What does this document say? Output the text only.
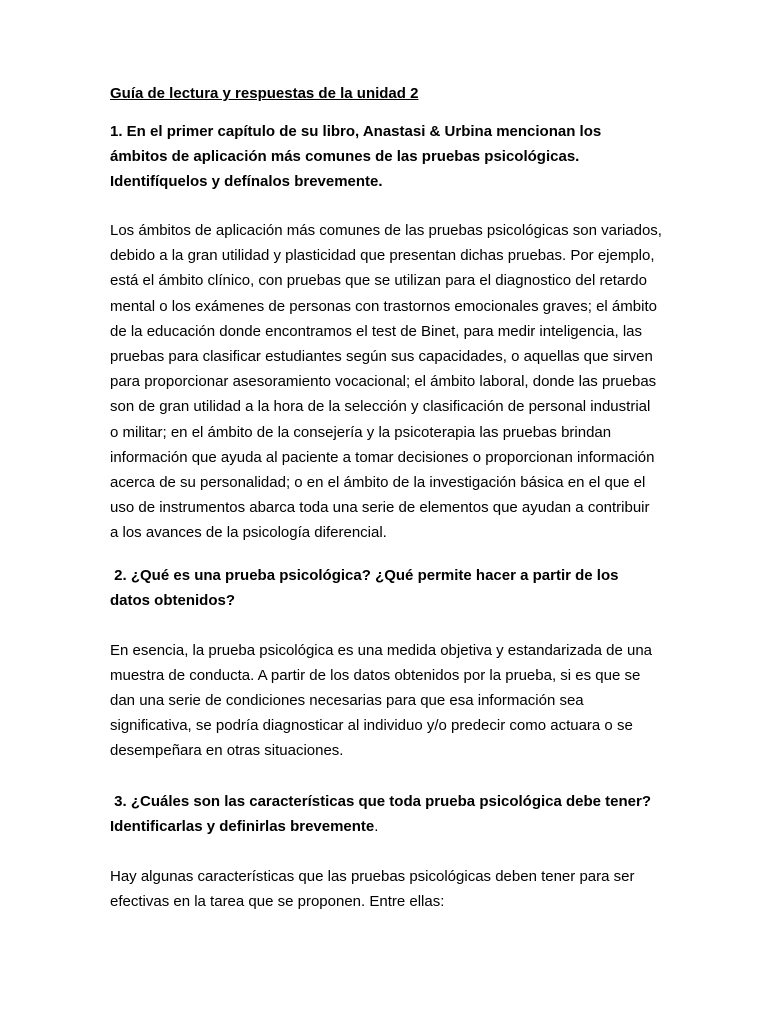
Guía de lectura y respuestas de la unidad 2

1. En el primer capítulo de su libro, Anastasi & Urbina mencionan los ámbitos de aplicación más comunes de las pruebas psicológicas. Identifíquelos y defínalos brevemente.

Los ámbitos de aplicación más comunes de las pruebas psicológicas son variados, debido a la gran utilidad y plasticidad que presentan dichas pruebas. Por ejemplo, está el ámbito clínico, con pruebas que se utilizan para el diagnostico del retardo mental o los exámenes de personas con trastornos emocionales graves; el ámbito de la educación donde encontramos el test de Binet, para medir inteligencia, las pruebas para clasificar estudiantes según sus capacidades, o aquellas que sirven para proporcionar asesoramiento vocacional; el ámbito laboral, donde las pruebas son de gran utilidad a la hora de la selección y clasificación de personal industrial o militar; en el ámbito de la consejería y la psicoterapia las pruebas brindan información que ayuda al paciente a tomar decisiones o proporcionan información acerca de su personalidad; o en el ámbito de la investigación básica en el que el uso de instrumentos abarca toda una serie de elementos que ayudan a contribuir a los avances de la psicología diferencial.

2. ¿Qué es una prueba psicológica? ¿Qué permite hacer a partir de los datos obtenidos?

En esencia, la prueba psicológica es una medida objetiva y estandarizada de una muestra de conducta. A partir de los datos obtenidos por la prueba, si es que se dan una serie de condiciones necesarias para que esa información sea significativa, se podría diagnosticar al individuo y/o predecir como actuara o se desempeñara en otras situaciones.

3. ¿Cuáles son las características que toda prueba psicológica debe tener? Identificarlas y definirlas brevemente.

Hay algunas características que las pruebas psicológicas deben tener para ser efectivas en la tarea que se proponen. Entre ellas:
